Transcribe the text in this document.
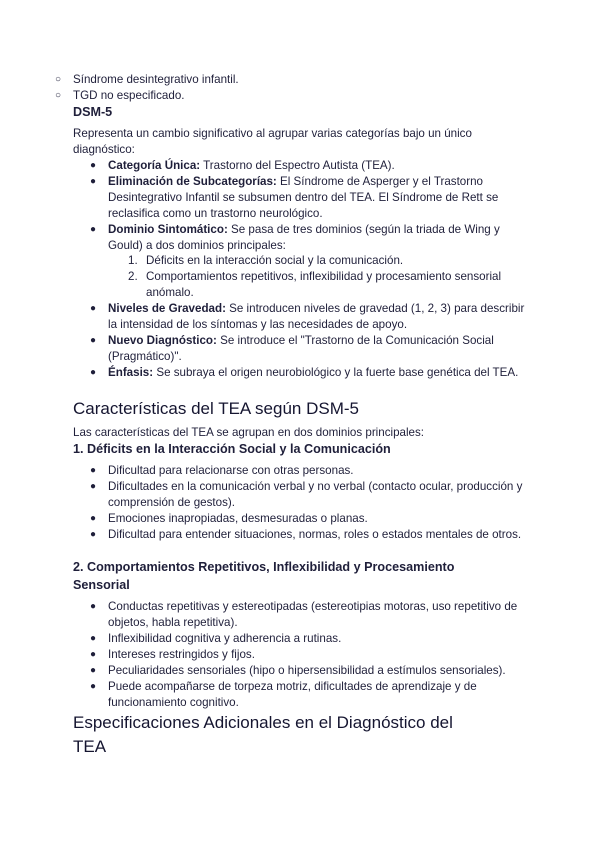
○ Síndrome desintegrativo infantil.
○ TGD no especificado.
DSM-5

Representa un cambio significativo al agrupar varias categorías bajo un único diagnóstico:

● Categoría Única: Trastorno del Espectro Autista (TEA).
● Eliminación de Subcategorías: El Síndrome de Asperger y el Trastorno Desintegrativo Infantil se subsumen dentro del TEA. El Síndrome de Rett se reclasifica como un trastorno neurológico.
● Dominio Sintomático: Se pasa de tres dominios (según la triada de Wing y Gould) a dos dominios principales:
1. Déficits en la interacción social y la comunicación.
2. Comportamientos repetitivos, inflexibilidad y procesamiento sensorial anómalo.
● Niveles de Gravedad: Se introducen niveles de gravedad (1, 2, 3) para describir la intensidad de los síntomas y las necesidades de apoyo.
● Nuevo Diagnóstico: Se introduce el "Trastorno de la Comunicación Social (Pragmático)".
● Énfasis: Se subraya el origen neurobiológico y la fuerte base genética del TEA.
Características del TEA según DSM-5

Las características del TEA se agrupan en dos dominios principales:

1. Déficits en la Interacción Social y la Comunicación
● Dificultad para relacionarse con otras personas.
● Dificultades en la comunicación verbal y no verbal (contacto ocular, producción y comprensión de gestos).
● Emociones inapropiadas, desmesuradas o planas.
● Dificultad para entender situaciones, normas, roles o estados mentales de otros.
2. Comportamientos Repetitivos, Inflexibilidad y Procesamiento
Sensorial
● Conductas repetitivas y estereotipadas (estereotipias motoras, uso repetitivo de objetos, habla repetitiva).
● Inflexibilidad cognitiva y adherencia a rutinas.
● Intereses restringidos y fijos.
● Peculiaridades sensoriales (hipo o hipersensibilidad a estímulos sensoriales).
● Puede acompañarse de torpeza motriz, dificultades de aprendizaje y de funcionamiento cognitivo.
Especificaciones Adicionales en el Diagnóstico del
TEA
